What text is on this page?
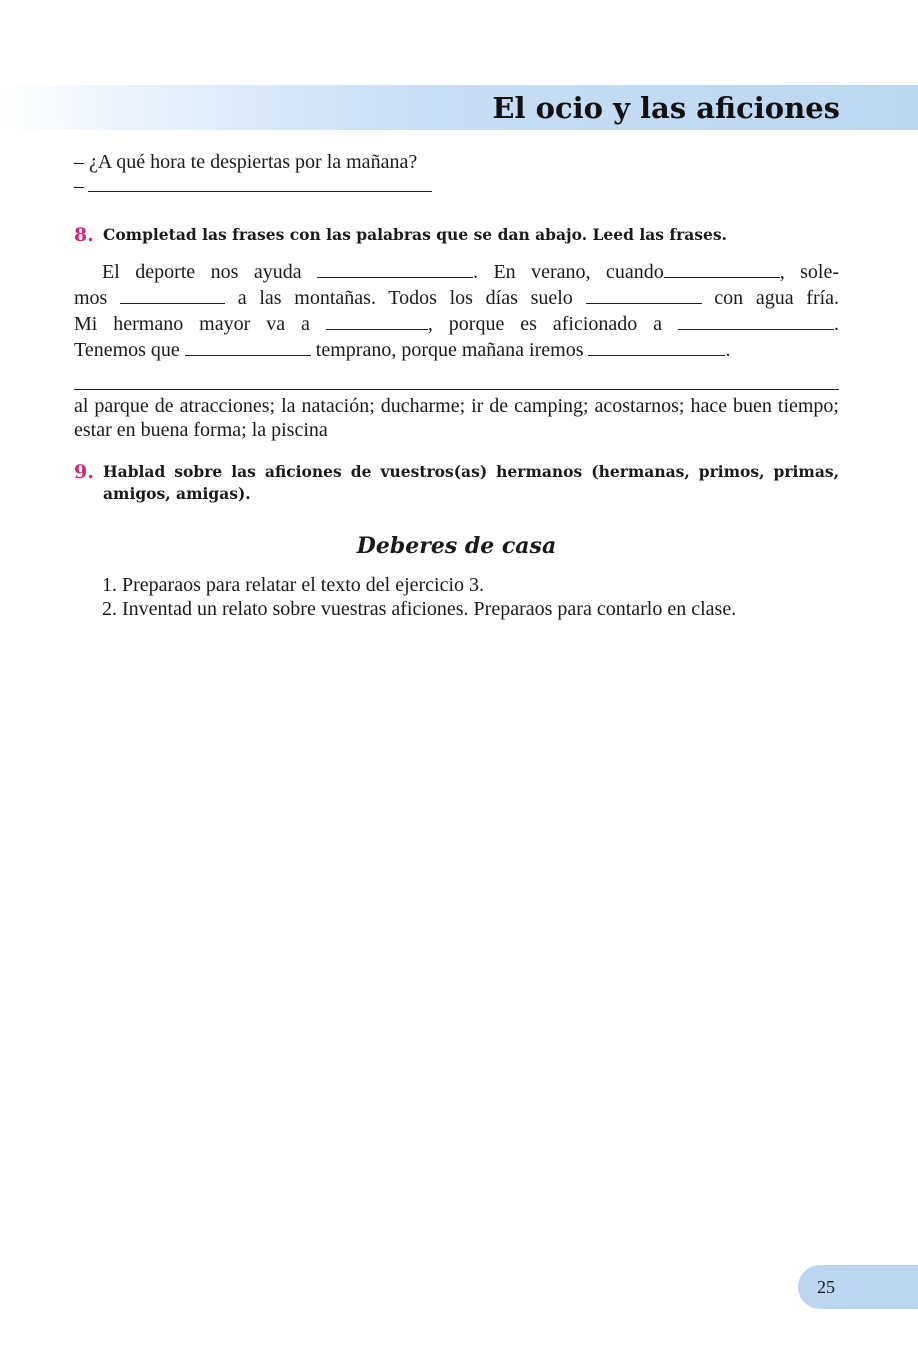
El ocio y las aficiones

– ¿A qué hora te despiertas por la mañana?

–

8. Completad las frases con las palabras que se dan abajo. Leed las frases.

El deporte nos ayuda	. En verano, cuando	, sole-

mos	a las montañas. Todos los días suelo	con agua fría.

Mi hermano mayor va a	, porque es aficionado a	.

Tenemos que	temprano, porque mañana iremos	.

al parque de atracciones; la natación; ducharme; ir de camping; acostarnos; hace buen tiempo; estar en buena forma; la piscina

9. Hablad sobre las aficiones de vuestros(as) hermanos (hermanas, primos, primas, amigos, amigas).
Deberes de casa

1. Preparaos para relatar el texto del ejercicio 3.

2. Inventad un relato sobre vuestras aficiones. Preparaos para contarlo en clase.

25
